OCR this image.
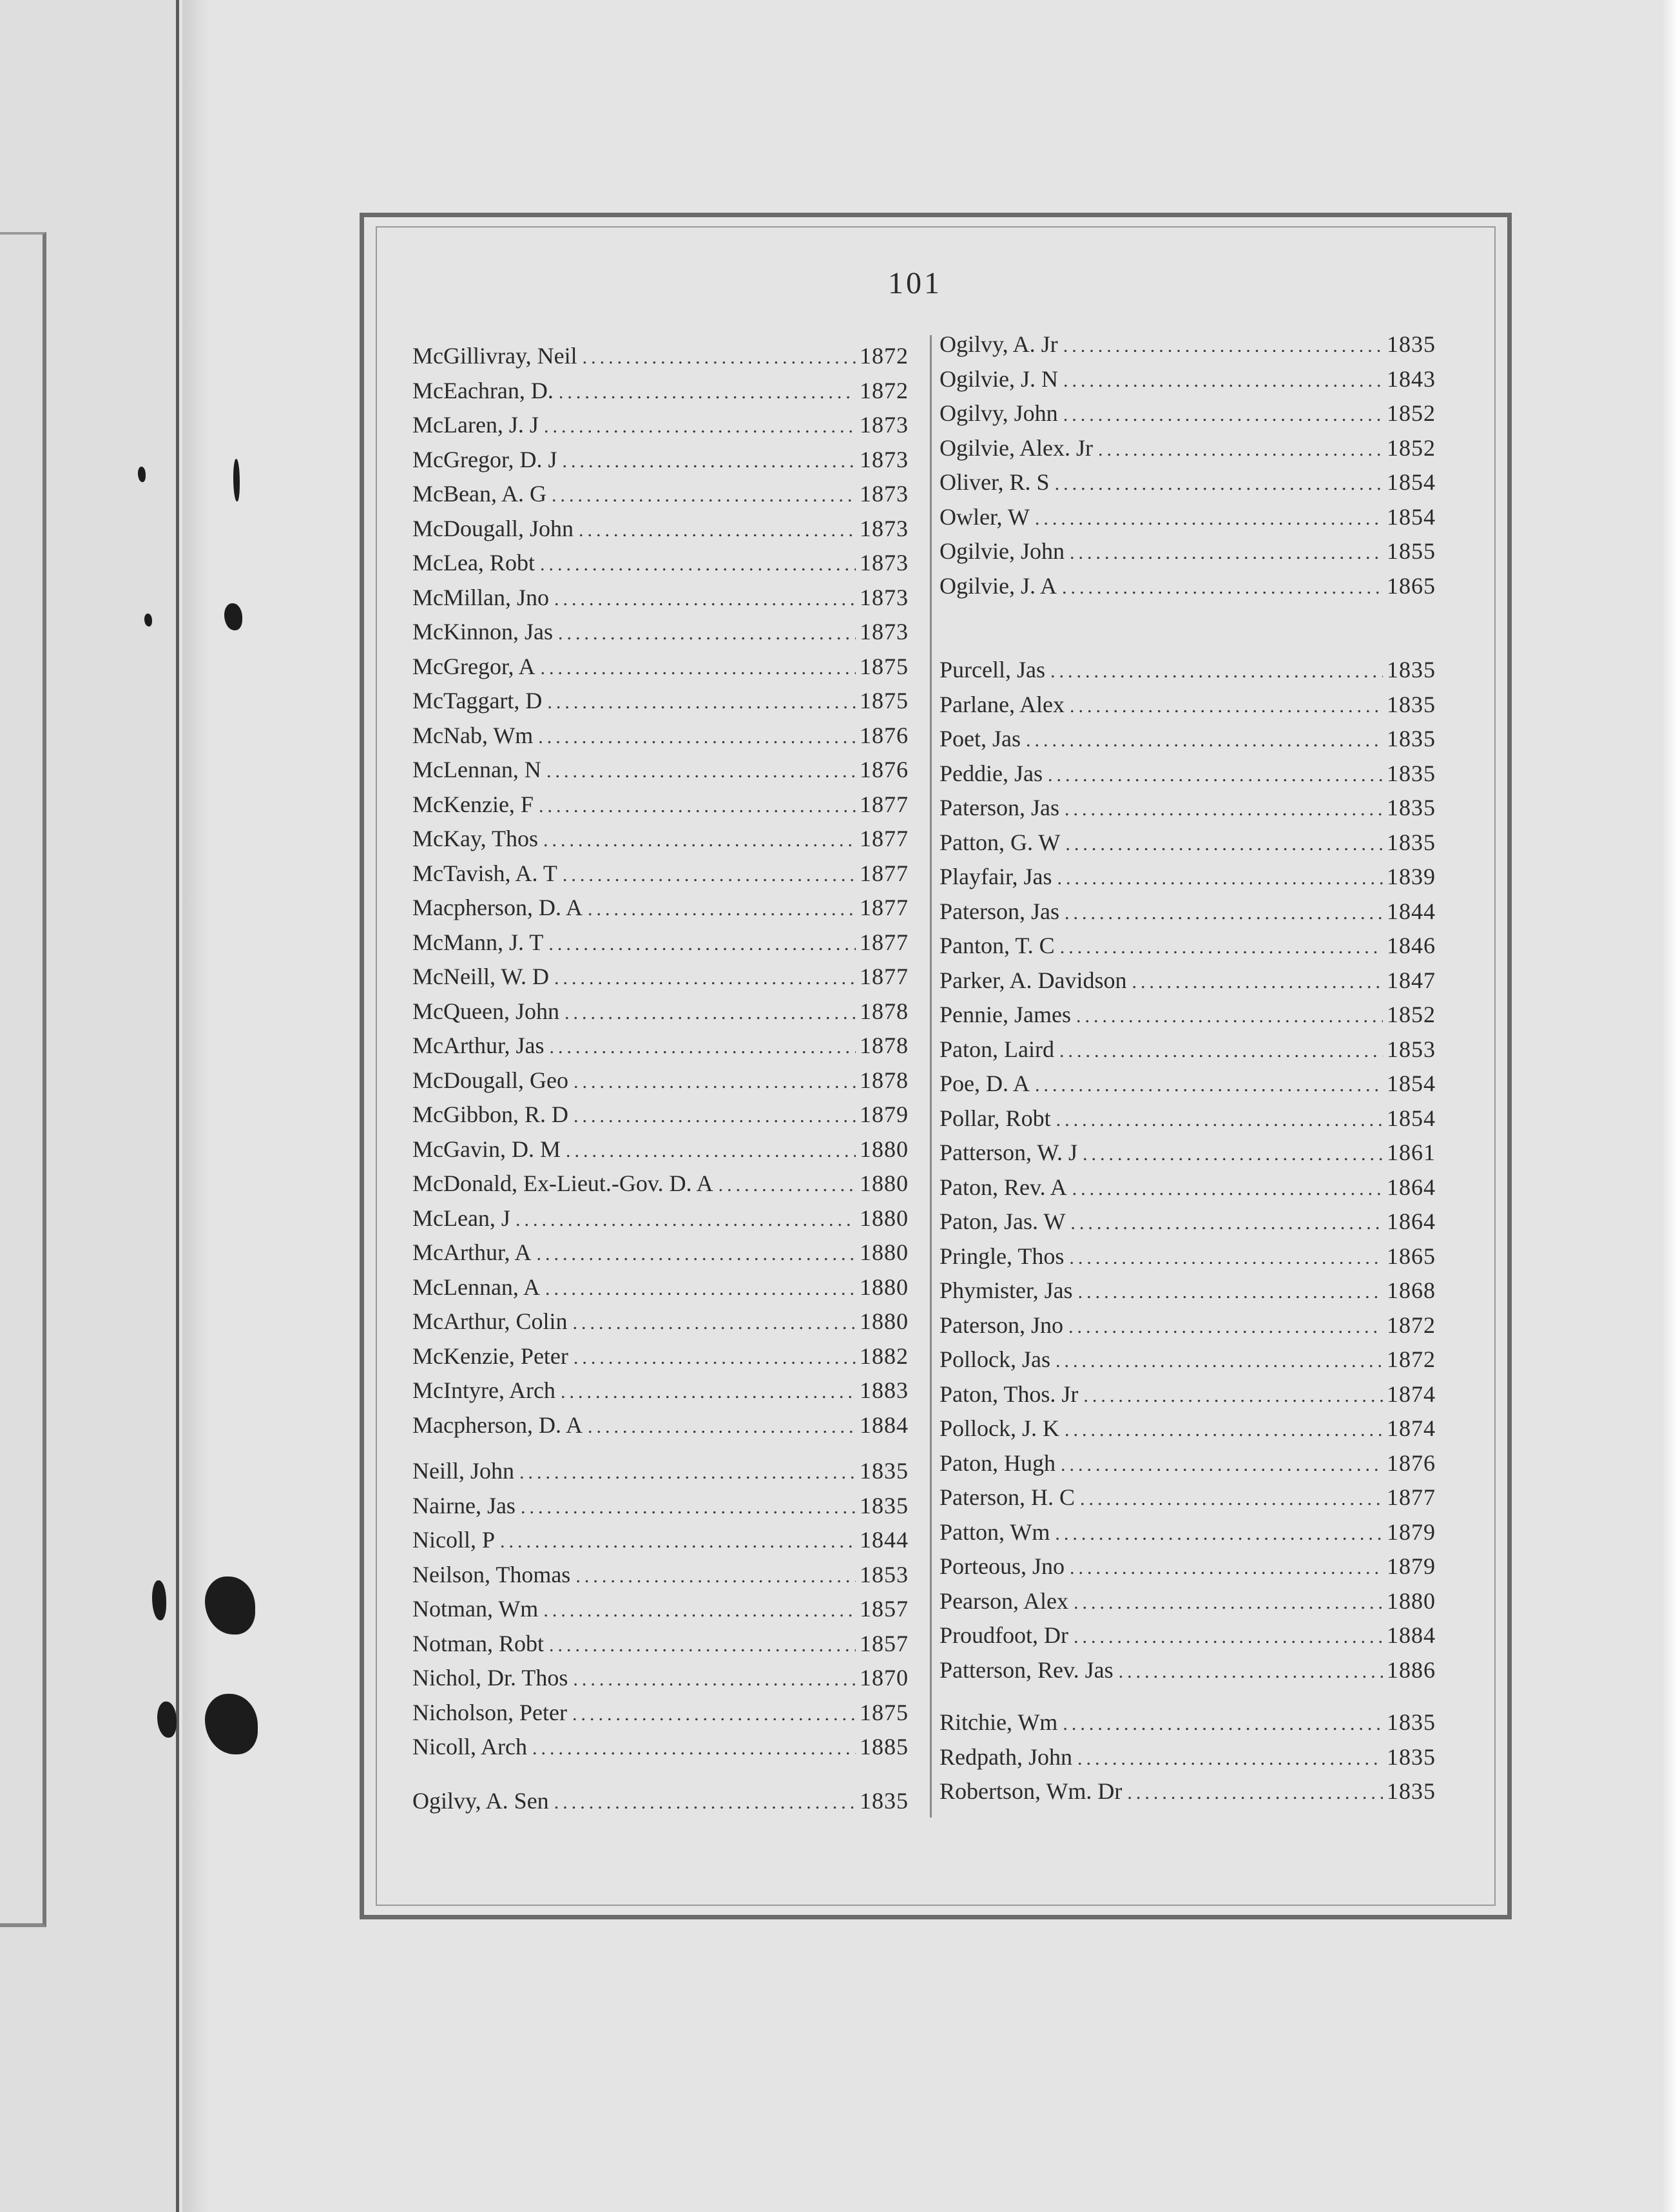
101
McGillivray, Neil .....	1872
McEachran, D. .....	1872
McLaren, J. J .....	1873
McGregor, D. J .....	1873
McBean, A. G .....	1873
McDougall, John .....	1873
McLea, Robt .....	1873
McMillan, Jno .....	1873
McKinnon, Jas .....	1873
McGregor, A .....	1875
McTaggart, D .....	1875
McNab, Wm .....	1876
McLennan, N .....	1876
McKenzie, F .....	1877
McKay, Thos .....	1877
McTavish, A. T .....	1877
Macpherson, D. A .....	1877
McMann, J. T .....	1877
McNeill, W. D .....	1877
McQueen, John .....	1878
McArthur, Jas .....	1878
McDougall, Geo .....	1878
McGibbon, R. D .....	1879
McGavin, D. M .....	1880
McDonald, Ex-Lieut.-Gov. D. A .....	1880
McLean, J .....	1880
McArthur, A .....	1880
McLennan, A .....	1880
McArthur, Colin .....	1880
McKenzie, Peter .....	1882
McIntyre, Arch .....	1883
Macpherson, D. A .....	1884
Neill, John .....	1835
Nairne, Jas .....	1835
Nicoll, P .....	1844
Neilson, Thomas .....	1853
Notman, Wm .....	1857
Notman, Robt .....	1857
Nichol, Dr. Thos .....	1870
Nicholson, Peter .....	1875
Nicoll, Arch .....	1885
Ogilvy, A. Sen .....	1835
Ogilvy, A. Jr .....	1835
Ogilvie, J. N .....	1843
Ogilvy, John .....	1852
Ogilvie, Alex. Jr .....	1852
Oliver, R. S .....	1854
Owler, W .....	1854
Ogilvie, John .....	1855
Ogilvie, J. A .....	1865
Purcell, Jas .....	1835
Parlane, Alex .....	1835
Poet, Jas .....	1835
Peddie, Jas .....	1835
Paterson, Jas .....	1835
Patton, G. W .....	1835
Playfair, Jas .....	1839
Paterson, Jas .....	1844
Panton, T. C .....	1846
Parker, A. Davidson .....	1847
Pennie, James .....	1852
Paton, Laird .....	1853
Poe, D. A .....	1854
Pollar, Robt .....	1854
Patterson, W. J .....	1861
Paton, Rev. A .....	1864
Paton, Jas. W .....	1864
Pringle, Thos .....	1865
Phymister, Jas .....	1868
Paterson, Jno .....	1872
Pollock, Jas .....	1872
Paton, Thos. Jr .....	1874
Pollock, J. K .....	1874
Paton, Hugh .....	1876
Paterson, H. C .....	1877
Patton, Wm .....	1879
Porteous, Jno .....	1879
Pearson, Alex .....	1880
Proudfoot, Dr .....	1884
Patterson, Rev. Jas .....	1886
Ritchie, Wm .....	1835
Redpath, John .....	1835
Robertson, Wm. Dr .....	1835
